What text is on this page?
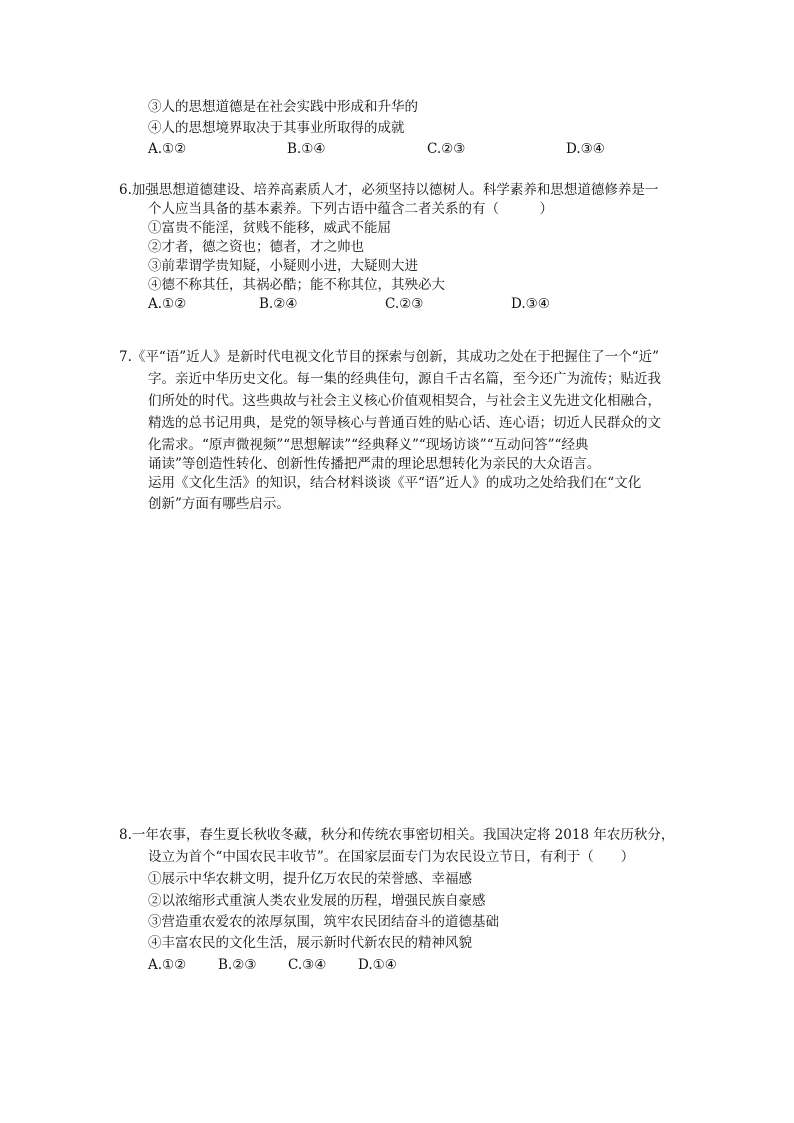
③人的思想道德是在社会实践中形成和升华的
④人的思想境界取决于其事业所取得的成就
A.①②	B.①④	C.②③	D.③④
6.加强思想道德建设、培养高素质人才，必须坚持以德树人。科学素养和思想道德修养是一
个人应当具备的基本素养。下列古语中蕴含二者关系的有（　　　）
①富贵不能淫，贫贱不能移，威武不能屈
②才者，德之资也；德者，才之帅也
③前辈谓学贵知疑，小疑则小进，大疑则大进
④德不称其任，其祸必酷；能不称其位，其殃必大
A.①②	B.②④	C.②③	D.③④
7.《平“语”近人》是新时代电视文化节目的探索与创新，其成功之处在于把握住了一个“近”
字。亲近中华历史文化。每一集的经典佳句，源自千古名篇，至今还广为流传；贴近我
们所处的时代。这些典故与社会主义核心价值观相契合，与社会主义先进文化相融合，
精选的总书记用典，是党的领导核心与普通百姓的贴心话、连心语；切近人民群众的文
化需求。“原声微视频”“思想解读”“经典释义”“现场访谈”“互动问答”“经典
诵读”等创造性转化、创新性传播把严肃的理论思想转化为亲民的大众语言。
运用《文化生活》的知识，结合材料谈谈《平“语”近人》的成功之处给我们在“文化
创新”方面有哪些启示。
8.一年农事，春生夏长秋收冬藏，秋分和传统农事密切相关。我国决定将 2018 年农历秋分，
设立为首个“中国农民丰收节”。在国家层面专门为农民设立节日，有利于（　　）
①展示中华农耕文明，提升亿万农民的荣誉感、幸福感
②以浓缩形式重演人类农业发展的历程，增强民族自豪感
③营造重农爱农的浓厚氛围，筑牢农民团结奋斗的道德基础
④丰富农民的文化生活，展示新时代新农民的精神风貌
A.①② B.②③ C.③④ D.①④
